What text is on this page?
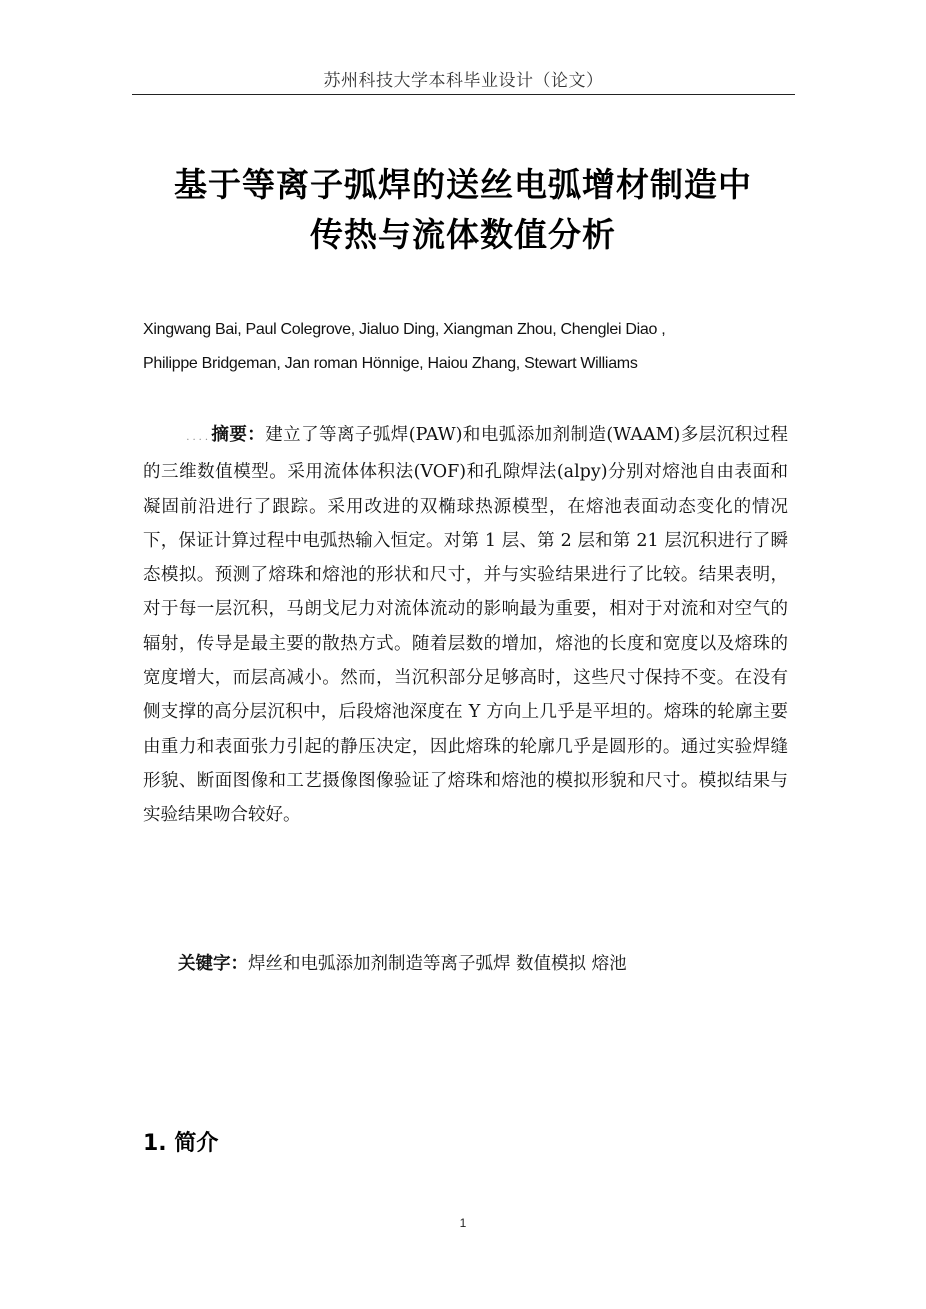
苏州科技大学本科毕业设计（论文）
基于等离子弧焊的送丝电弧增材制造中
传热与流体数值分析
Xingwang Bai, Paul Colegrove, Jialuo Ding, Xiangman Zhou, Chenglei Diao ,
Philippe Bridgeman, Jan roman Hönnige, Haiou Zhang, Stewart Williams
....摘要：建立了等离子弧焊(PAW)和电弧添加剂制造(WAAM)多层沉积过程的三维数值模型。采用流体体积法(VOF)和孔隙焊法(alpy)分别对熔池自由表面和凝固前沿进行了跟踪。采用改进的双椭球热源模型，在熔池表面动态变化的情况下，保证计算过程中电弧热输入恒定。对第 1 层、第 2 层和第 21 层沉积进行了瞬态模拟。预测了熔珠和熔池的形状和尺寸，并与实验结果进行了比较。结果表明，对于每一层沉积，马朗戈尼力对流体流动的影响最为重要，相对于对流和对空气的辐射，传导是最主要的散热方式。随着层数的增加，熔池的长度和宽度以及熔珠的宽度增大，而层高减小。然而，当沉积部分足够高时，这些尺寸保持不变。在没有侧支撑的高分层沉积中，后段熔池深度在 Y 方向上几乎是平坦的。熔珠的轮廓主要由重力和表面张力引起的静压决定，因此熔珠的轮廓几乎是圆形的。通过实验焊缝形貌、断面图像和工艺摄像图像验证了熔珠和熔池的模拟形貌和尺寸。模拟结果与实验结果吻合较好。
关键字：焊丝和电弧添加剂制造等离子弧焊 数值模拟 熔池
1. 简介
1
